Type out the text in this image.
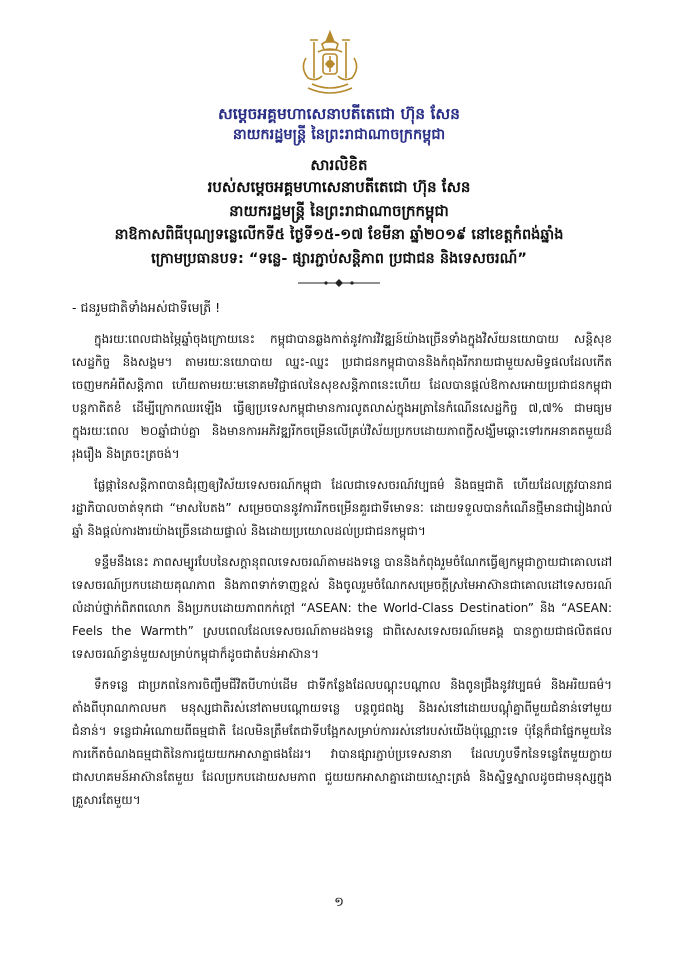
សម្តេចអគ្គមហាសេនាបតីតេជោ ហ៊ុន សែន
នាយករដ្ឋមន្ត្រី នៃព្រះរាជាណាចក្រកម្ពុជា
សារលិខិត
របស់សម្តេចអគ្គមហាសេនាបតីតេជោ ហ៊ុន សែន
នាយករដ្ឋមន្ត្រី នៃព្រះរាជាណាចក្រកម្ពុជា
នាឱកាសពិធីបុណ្យទន្លេលើកទី៥ ថ្ងៃទី១៥-១៧ ខែមីនា ឆ្នាំ២០១៩ នៅខេត្តកំពង់ឆ្នាំង
ក្រោមប្រធានបទ: “ទន្លេ- ផ្សារភ្ជាប់សន្តិភាព ប្រជាជន និងទេសចរណ៍”
- ជនរួមជាតិទាំងអស់ជាទីមេត្រី !

ក្នុងរយៈពេលជាងម្ភៃឆ្នាំចុងក្រោយនេះ កម្ពុជាបានឆ្លងកាត់នូវការវិវឌ្ឍន៍យ៉ាងច្រើនទាំងក្នុងវិស័យនយោបាយ សន្តិសុខ សេដ្ឋកិច្ច និងសង្គម។ តាមរយៈនយោបាយ ឈ្នះ-ឈ្នះ ប្រជាជនកម្ពុជាបាននិងកំពុងរីករាយជាមួយសមិទ្ធផលដែលកើតចេញមកអំពីសន្តិភាព ហើយតាមរយៈមនោគមវិជ្ជាផលនៃសុខសន្តិភាពនេះហើយ ដែលបានផ្តល់ឱកាសអោយប្រជាជនកម្ពុជាបន្តកាតិតខំ ដើម្បីក្រោកឈរឡើង ធ្វើឲ្យប្រទេសកម្ពុជាមានការលូតលាស់ក្នុងអត្រានៃកំណើនសេដ្ឋកិច្ច ៧,៧% ជាមធ្យមក្នុងរយៈពេល ២០ឆ្នាំជាប់គ្នា និងមានការអភិវឌ្ឍរីកចម្រើនលើគ្រប់វិស័យប្រកបដោយភាពក្លីសង្ឃឹមឆ្ពោះទៅរកអនាគតមួយដ៏រុងរឿង និងត្រចះត្រចង់។

ផ្លែផ្កានៃសន្តិភាពបានជំរុញឲ្យវិស័យទេសចរណ៍កម្ពុជា ដែលជាទេសចរណ៍វប្បធម៌ និងធម្មជាតិ ហើយដែលត្រូវបានរាជរដ្ឋាភិបាលចាត់ទុកជា “មាសបៃតង” សម្រេចបាននូវការរីកចម្រើនគួរជាទីមោទនៈ ដោយទទួលបានកំណើនថ្មីមានជារៀងរាល់ឆ្នាំ និងផ្តល់ការងារយ៉ាងច្រើនដោយផ្ទាល់ និងដោយប្រយោលដល់ប្រជាជនកម្ពុជា។

ទន្ទឹមនឹងនេះ ភាពសម្បូរបែបនៃសក្តានុពលទេសចរណ៍តាមដងទន្លេ បាននិងកំពុងរួមចំណែកធ្វើឲ្យកម្ពុជាក្លាយជាគោលដៅទេសចរណ៍ប្រកបដោយគុណភាព និងភាពទាក់ទាញខ្ពស់ និងចូលរួមចំណែកសម្រេចក្តីស្រមៃអាស៊ានជាគោលដៅទេសចរណ៍លំដាប់ថ្នាក់ពិភពលោក និងប្រកបដោយភាពកក់ក្តៅ “ASEAN: the World-Class Destination” និង “ASEAN: Feels the Warmth” ស្របពេលដែលទេសចរណ៍តាមដងទន្លេ ជាពិសេសទេសចរណ៍មេគង្គ បានក្លាយជាផលិតផលទេសចរណ៍ខ្វាន់មួយសម្រាប់កម្ពុជាក៏ដូចជាតំបន់អាស៊ាន។

ទឹកទន្លេ ជាប្រភពនៃការចិញ្ចឹមជីវិតបីហាប់ដើម ជាទីកន្លែងដែលបណ្តុះបណ្តាល និងពូនជ្រឹងនូវវប្បធម៌ និងអរិយធម៌។ តាំងពីបុរាណកាលមក មនុស្សជាតិរស់នៅតាមបណ្តោយទន្លេ បន្តពូជពង្ស និងរស់នៅដោយបណ្តុំគ្នាពីមួយជំនាន់ទៅមួយជំនាន់។ ទន្លេជាអំណោយពីធម្មជាតិ ដែលមិនត្រឹមតែជាទីបង្អែកសម្រាប់ការរស់នៅរបស់យើងប៉ុណ្ណោះទេ ប៉ុន្តែក៏ជាផ្នែកមួយនៃការកើតចំណងធម្មជាតិនៃការជួយយកអាសាគ្នាផងដែរ។ វាបានផ្សារភ្ជាប់ប្រទេសនានា ដែលហូបទឹកនៃទន្លេតែមួយក្លាយជាសហគមន៍អាស៊ានតែមួយ ដែលប្រកបដោយសមភាព ជួយយកអាសាគ្នាដោយស្មោះត្រង់ និងស្និទ្ធស្នាលដូចជាមនុស្សក្នុងគ្រួសារតែមួយ។

១
